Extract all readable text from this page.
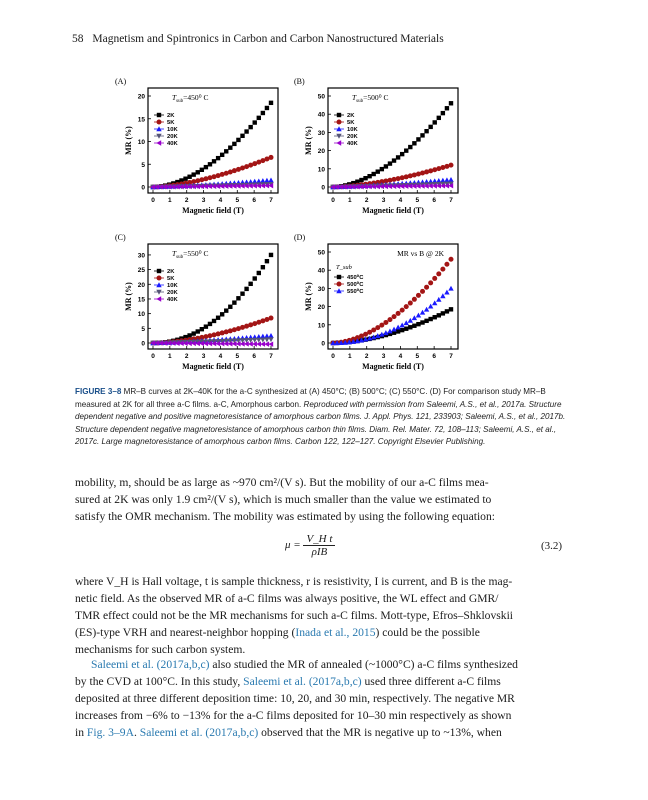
58 Magnetism and Spintronics in Carbon and Carbon Nanostructured Materials
(A)
0
5
10
15
20
0 1 2 3 4 5 6 7
Magnetic field (T)
MR (%)
$T_{sub}=450^0$ C
2K
5K
10K
20K
40K
(B)
0
10
20
30
40
50
0 1 2 3 4 5 6 7
Magnetic field (T)
MR (%)
$T_{sub}=500^0$ C
2K
5K
10K
20K
40K
(C)
0
5
10
15
20
25
30
0 1 2 3 4 5 6 7
Magnetic field (T)
MR (%)
$T_{sub}=550^0$ C
2K
5K
10K
20K
40K
(D)
0
10
20
30
40
50
0 1 2 3 4 5 6 7
Magnetic field (T)
MR (%)
MR vs B @ 2K
T_sub
450⁰C
500⁰C
550⁰C
FIGURE 3–8 MR–B curves at 2K–40K for the a-C synthesized at (A) 450°C; (B) 500°C; (C) 550°C. (D) For comparison study MR–B measured at 2K for all three a-C films. a-C, Amorphous carbon. Reproduced with permission from Saleemi, A.S., et al., 2017a. Structure dependent negative and positive magnetoresistance of amorphous carbon films. J. Appl. Phys. 121, 233903; Saleemi, A.S., et al., 2017b. Structure dependent negative magnetoresistance of amorphous carbon thin films. Diam. Rel. Mater. 72, 108–113; Saleemi, A.S., et al., 2017c. Large magnetoresistance of amorphous carbon films. Carbon 122, 122–127. Copyright Elsevier Publishing.
mobility, m, should be as large as ~970 cm²/(V s). But the mobility of our a-C films mea-
sured at 2K was only 1.9 cm²/(V s), which is much smaller than the value we estimated to
satisfy the OMR mechanism. The mobility was estimated by using the following equation:
$\mu = \frac{\text{V\_H t}}{\text{ρIB}}$	(3.2)
where V_H is Hall voltage, t is sample thickness, r is resistivity, I is current, and B is the mag-
netic field. As the observed MR of a-C films was always positive, the WL effect and GMR/
TMR effect could not be the MR mechanisms for such a-C films. Mott-type, Efros–Shklovskii
(ES)-type VRH and nearest-neighbor hopping (Inada et al., 2015) could be the possible
mechanisms for such carbon system.
Saleemi et al. (2017a,b,c) also studied the MR of annealed (~1000°C) a-C films synthesized
by the CVD at 100°C. In this study, Saleemi et al. (2017a,b,c) used three different a-C films
deposited at three different deposition time: 10, 20, and 30 min, respectively. The negative MR
increases from −6% to −13% for the a-C films deposited for 10–30 min respectively as shown
in Fig. 3–9A. Saleemi et al. (2017a,b,c) observed that the MR is negative up to ~13%, when
